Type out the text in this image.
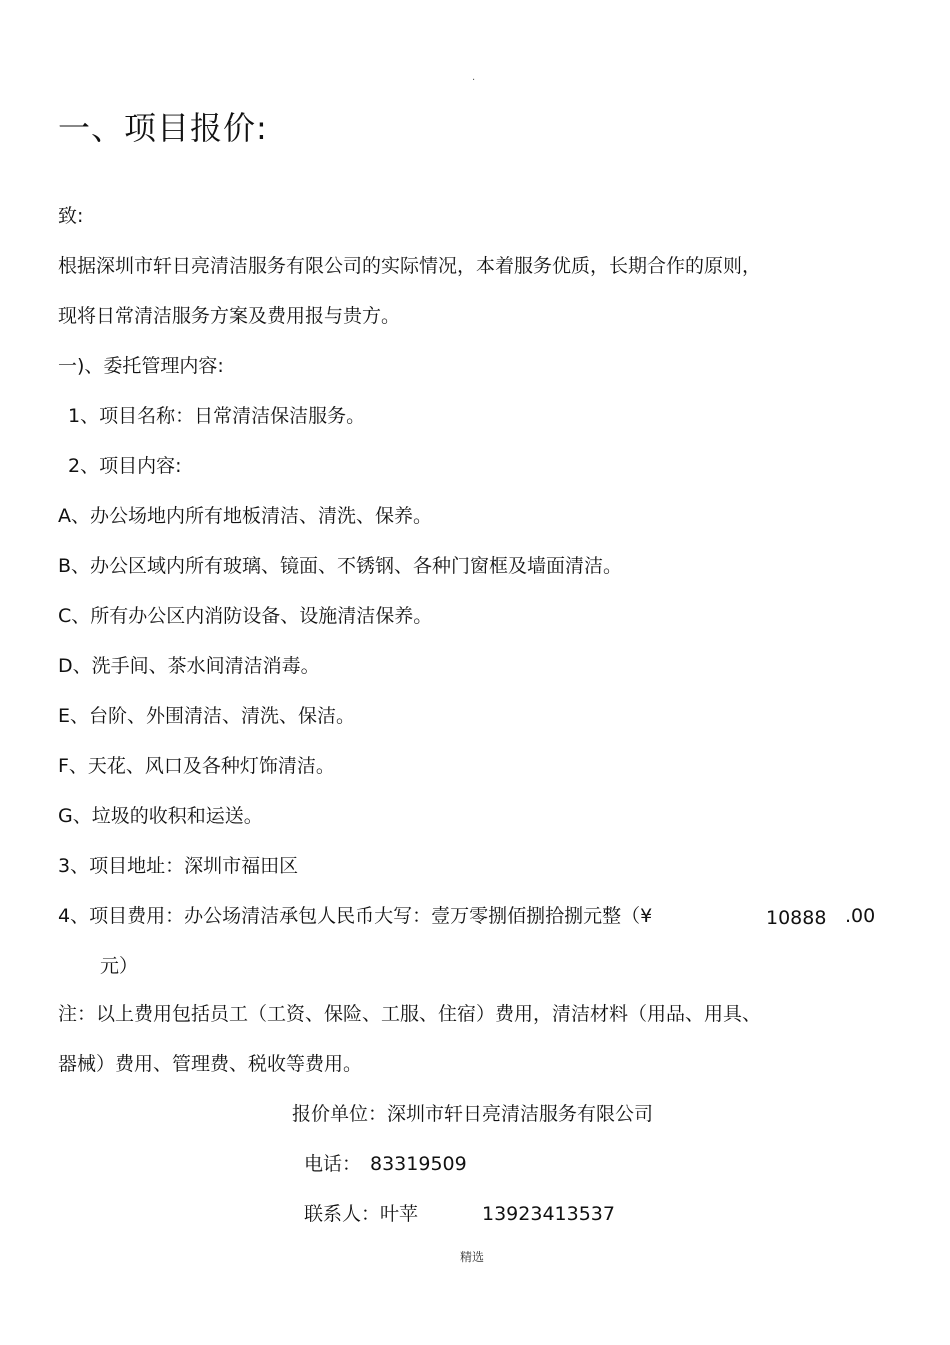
.
一、项目报价:
致:
根据深圳市轩日亮清洁服务有限公司的实际情况，本着服务优质，长期合作的原则，
现将日常清洁服务方案及费用报与贵方。
一)、委托管理内容:
1、项目名称：日常清洁保洁服务。
2、项目内容:
A、办公场地内所有地板清洁、清洗、保养。
B、办公区域内所有玻璃、镜面、不锈钢、各种门窗框及墙面清洁。
C、所有办公区内消防设备、设施清洁保养。
D、洗手间、茶水间清洁消毒。
E、台阶、外围清洁、清洗、保洁。
F、天花、风口及各种灯饰清洁。
G、垃圾的收积和运送。
3、项目地址：深圳市福田区
4、项目费用：办公场清洁承包人民币大写：壹万零捌佰捌拾捌元整（¥	10888 .00
元）
注：以上费用包括员工（工资、保险、工服、住宿）费用，清洁材料（用品、用具、
器械）费用、管理费、税收等费用。
报价单位：深圳市轩日亮清洁服务有限公司
电话： 83319509
联系人：叶苹	13923413537
精选
